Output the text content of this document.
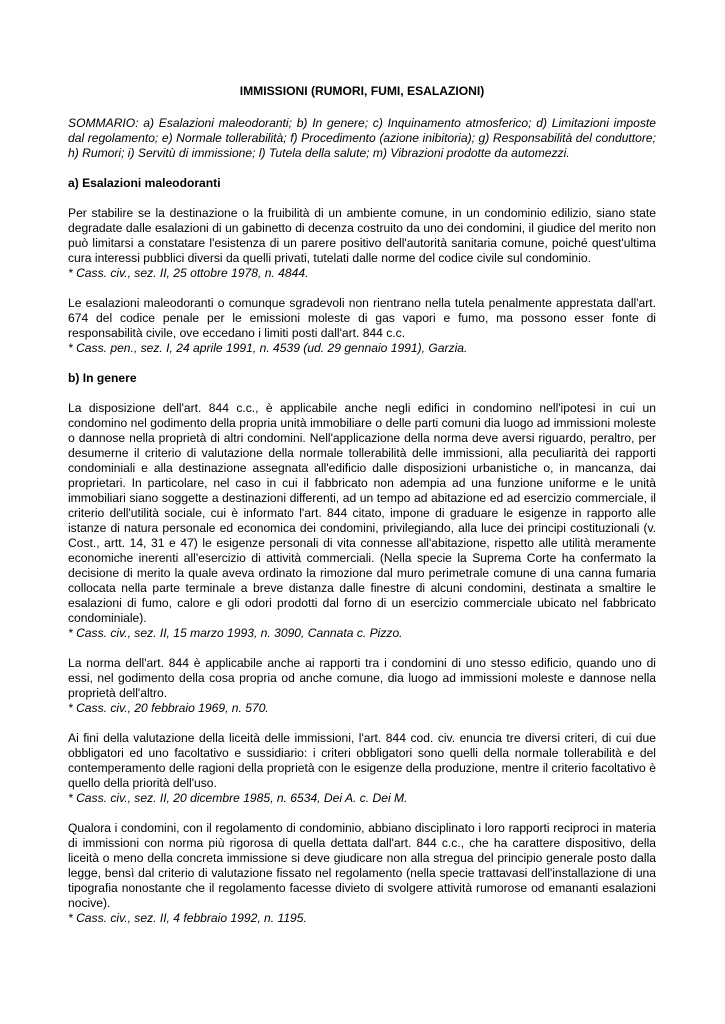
IMMISSIONI (RUMORI, FUMI, ESALAZIONI)

SOMMARIO: a) Esalazioni maleodoranti; b) In genere; c) Inquinamento atmosferico; d) Limitazioni imposte dal regolamento; e) Normale tollerabilità; f) Procedimento (azione inibitoria); g) Responsabilità del conduttore; h) Rumori; i) Servitù di immissione; l) Tutela della salute; m) Vibrazioni prodotte da automezzi.

a) Esalazioni maleodoranti

Per stabilire se la destinazione o la fruibilità di un ambiente comune, in un condominio edilizio, siano state degradate dalle esalazioni di un gabinetto di decenza costruito da uno dei condomini, il giudice del merito non può limitarsi a constatare l'esistenza di un parere positivo dell'autorità sanitaria comune, poiché quest'ultima cura interessi pubblici diversi da quelli privati, tutelati dalle norme del codice civile sul condominio.

* Cass. civ., sez. II, 25 ottobre 1978, n. 4844.

Le esalazioni maleodoranti o comunque sgradevoli non rientrano nella tutela penalmente apprestata dall'art. 674 del codice penale per le emissioni moleste di gas vapori e fumo, ma possono esser fonte di responsabilità civile, ove eccedano i limiti posti dall'art. 844 c.c.

* Cass. pen., sez. I, 24 aprile 1991, n. 4539 (ud. 29 gennaio 1991), Garzia.

b) In genere

La disposizione dell'art. 844 c.c., è applicabile anche negli edifici in condomino nell'ipotesi in cui un condomino nel godimento della propria unità immobiliare o delle parti comuni dia luogo ad immissioni moleste o dannose nella proprietà di altri condomini. Nell'applicazione della norma deve aversi riguardo, peraltro, per desumerne il criterio di valutazione della normale tollerabilità delle immissioni, alla peculiarità dei rapporti condominiali e alla destinazione assegnata all'edificio dalle disposizioni urbanistiche o, in mancanza, dai proprietari. In particolare, nel caso in cui il fabbricato non adempia ad una funzione uniforme e le unità immobiliari siano soggette a destinazioni differenti, ad un tempo ad abitazione ed ad esercizio commerciale, il criterio dell'utilità sociale, cui è informato l'art. 844 citato, impone di graduare le esigenze in rapporto alle istanze di natura personale ed economica dei condomini, privilegiando, alla luce dei principi costituzionali (v. Cost., artt. 14, 31 e 47) le esigenze personali di vita connesse all'abitazione, rispetto alle utilità meramente economiche inerenti all'esercizio di attività commerciali. (Nella specie la Suprema Corte ha confermato la decisione di merito la quale aveva ordinato la rimozione dal muro perimetrale comune di una canna fumaria collocata nella parte terminale a breve distanza dalle finestre di alcuni condomini, destinata a smaltire le esalazioni di fumo, calore e gli odori prodotti dal forno di un esercizio commerciale ubicato nel fabbricato condominiale).

* Cass. civ., sez. II, 15 marzo 1993, n. 3090, Cannata c. Pizzo.

La norma dell'art. 844 è applicabile anche ai rapporti tra i condomini di uno stesso edificio, quando uno di essi, nel godimento della cosa propria od anche comune, dia luogo ad immissioni moleste e dannose nella proprietà dell'altro.

* Cass. civ., 20 febbraio 1969, n. 570.

Ai fini della valutazione della liceità delle immissioni, l'art. 844 cod. civ. enuncia tre diversi criteri, di cui due obbligatori ed uno facoltativo e sussidiario: i criteri obbligatori sono quelli della normale tollerabilità e del contemperamento delle ragioni della proprietà con le esigenze della produzione, mentre il criterio facoltativo è quello della priorità dell'uso.

* Cass. civ., sez. II, 20 dicembre 1985, n. 6534, Dei A. c. Dei M.

Qualora i condomini, con il regolamento di condominio, abbiano disciplinato i loro rapporti reciproci in materia di immissioni con norma più rigorosa di quella dettata dall'art. 844 c.c., che ha carattere dispositivo, della liceità o meno della concreta immissione si deve giudicare non alla stregua del principio generale posto dalla legge, bensì dal criterio di valutazione fissato nel regolamento (nella specie trattavasi dell'installazione di una tipografia nonostante che il regolamento facesse divieto di svolgere attività rumorose od emananti esalazioni nocive).

* Cass. civ., sez. II, 4 febbraio 1992, n. 1195.
